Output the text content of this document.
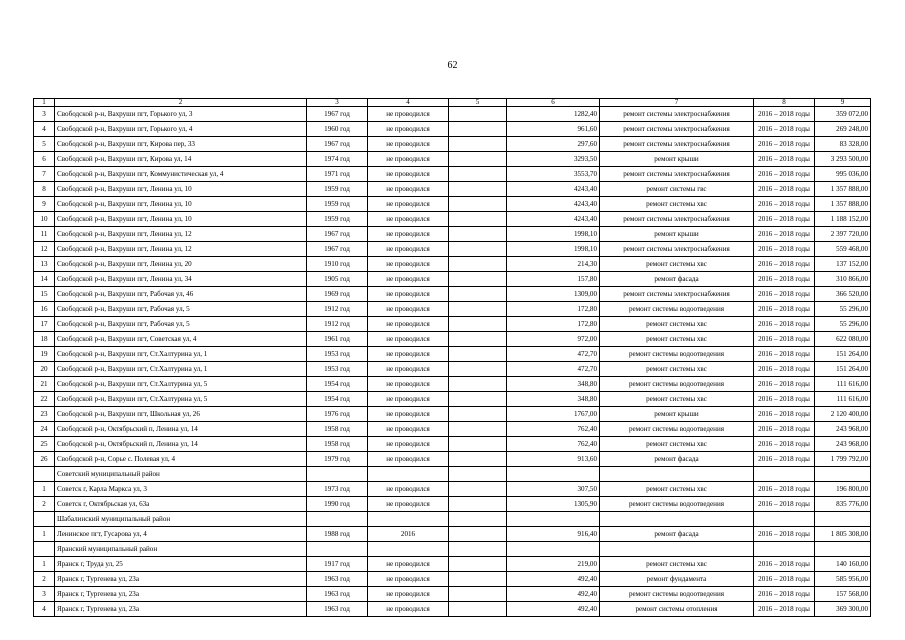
62
1	2	3	4	5	6	7	8	9
3	Свободской р-н, Вахруши пгт, Горького ул, 3	1967 год	не проводился		1282,40	ремонт системы электроснабжения	2016 – 2018 годы	359 072,00
4	Свободской р-н, Вахруши пгт, Горького ул, 4	1960 год	не проводился		961,60	ремонт системы электроснабжения	2016 – 2018 годы	269 248,00
5	Свободской р-н, Вахруши пгт, Кирова пер, 33	1967 год	не проводился		297,60	ремонт системы электроснабжения	2016 – 2018 годы	83 328,00
6	Свободской р-н, Вахруши пгт, Кирова ул, 14	1974 год	не проводился		3293,50	ремонт крыши	2016 – 2018 годы	3 293 500,00
7	Свободской р-н, Вахруши пгт, Коммунистическая ул, 4	1971 год	не проводился		3553,70	ремонт системы электроснабжения	2016 – 2018 годы	995 036,00
8	Свободской р-н, Вахруши пгт, Ленина ул, 10	1959 год	не проводился		4243,40	ремонт системы гвс	2016 – 2018 годы	1 357 888,00
9	Свободской р-н, Вахруши пгт, Ленина ул, 10	1959 год	не проводился		4243,40	ремонт системы хвс	2016 – 2018 годы	1 357 888,00
10	Свободской р-н, Вахруши пгт, Ленина ул, 10	1959 год	не проводился		4243,40	ремонт системы электроснабжения	2016 – 2018 годы	1 188 152,00
11	Свободской р-н, Вахруши пгт, Ленина ул, 12	1967 год	не проводился		1998,10	ремонт крыши	2016 – 2018 годы	2 397 720,00
12	Свободской р-н, Вахруши пгт, Ленина ул, 12	1967 год	не проводился		1998,10	ремонт системы электроснабжения	2016 – 2018 годы	559 468,00
13	Свободской р-н, Вахруши пгт, Ленина ул, 20	1910 год	не проводился		214,30	ремонт системы хвс	2016 – 2018 годы	137 152,00
14	Свободской р-н, Вахруши пгт, Ленина ул, 34	1905 год	не проводился		157,80	ремонт фасада	2016 – 2018 годы	310 866,00
15	Свободской р-н, Вахруши пгт, Рабочая ул, 46	1969 год	не проводился		1309,00	ремонт системы электроснабжения	2016 – 2018 годы	366 520,00
16	Свободской р-н, Вахруши пгт, Рабочая ул, 5	1912 год	не проводился		172,80	ремонт системы водоотведения	2016 – 2018 годы	55 296,00
17	Свободской р-н, Вахруши пгт, Рабочая ул, 5	1912 год	не проводился		172,80	ремонт системы хвс	2016 – 2018 годы	55 296,00
18	Свободской р-н, Вахруши пгт, Советская ул, 4	1961 год	не проводился		972,00	ремонт системы хвс	2016 – 2018 годы	622 080,00
19	Свободской р-н, Вахруши пгт, Ст.Халтурина ул, 1	1953 год	не проводился		472,70	ремонт системы водоотведения	2016 – 2018 годы	151 264,00
20	Свободской р-н, Вахруши пгт, Ст.Халтурина ул, 1	1953 год	не проводился		472,70	ремонт системы хвс	2016 – 2018 годы	151 264,00
21	Свободской р-н, Вахруши пгт, Ст.Халтурина ул, 5	1954 год	не проводился		348,80	ремонт системы водоотведения	2016 – 2018 годы	111 616,00
22	Свободской р-н, Вахруши пгт, Ст.Халтурина ул, 5	1954 год	не проводился		348,80	ремонт системы хвс	2016 – 2018 годы	111 616,00
23	Свободской р-н, Вахруши пгт, Школьная ул, 26	1976 год	не проводился		1767,00	ремонт крыши	2016 – 2018 годы	2 120 400,00
24	Свободской р-н, Октябрьский п, Ленина ул, 14	1958 год	не проводился		762,40	ремонт системы водоотведения	2016 – 2018 годы	243 968,00
25	Свободской р-н, Октябрьский п, Ленина ул, 14	1958 год	не проводился		762,40	ремонт системы хвс	2016 – 2018 годы	243 968,00
26	Свободской р-н, Сорье с. Полевая ул, 4	1979 год	не проводился		913,60	ремонт фасада	2016 – 2018 годы	1 799 792,00
	Советский муниципальный район							
1	Советск г, Карла Маркса ул, 3	1973 год	не проводился		307,50	ремонт системы хвс	2016 – 2018 годы	196 800,00
2	Советск г, Октябрьская ул, 63а	1990 год	не проводился		1305,90	ремонт системы водоотведения	2016 – 2018 годы	835 776,00
	Шабалинский муниципальный район							
1	Ленинское пгт, Гусарова ул, 4	1988 год	2016		916,40	ремонт фасада	2016 – 2018 годы	1 805 308,00
	Яранский муниципальный район							
1	Яранск г, Труда ул, 25	1917 год	не проводился		219,00	ремонт системы хвс	2016 – 2018 годы	140 160,00
2	Яранск г, Тургенева ул, 23а	1963 год	не проводился		492,40	ремонт фундамента	2016 – 2018 годы	585 956,00
3	Яранск г, Тургенева ул, 23а	1963 год	не проводился		492,40	ремонт системы водоотведения	2016 – 2018 годы	157 568,00
4	Яранск г, Тургенева ул, 23а	1963 год	не проводился		492,40	ремонт системы отопления	2016 – 2018 годы	369 300,00
